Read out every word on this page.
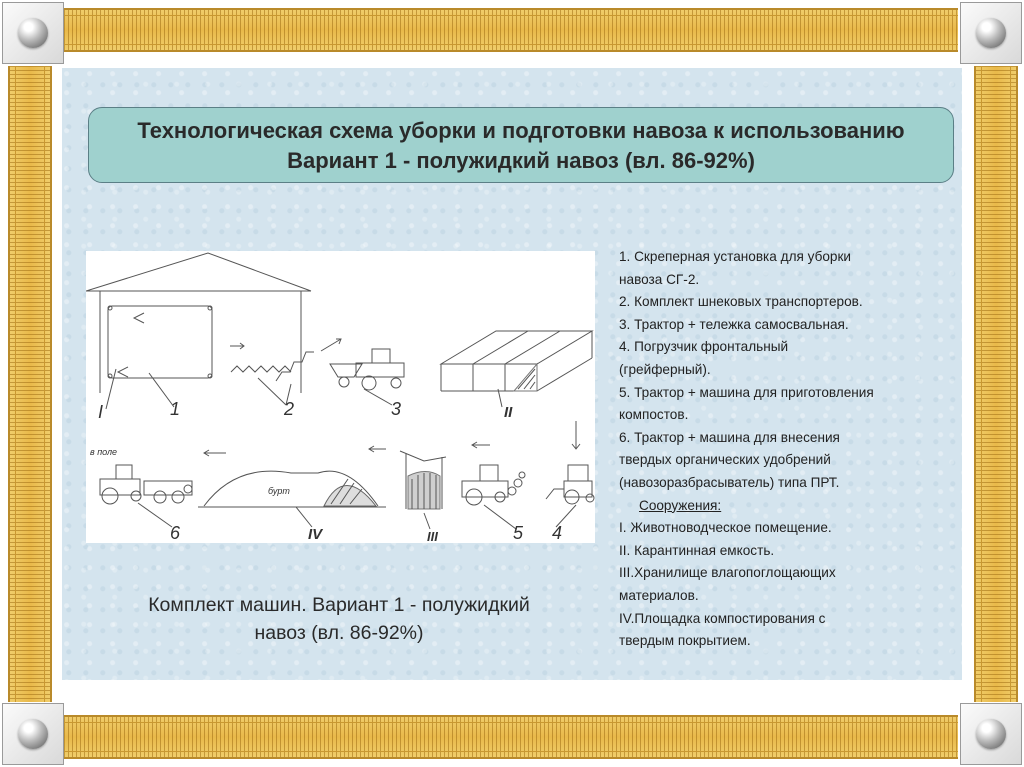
Технологическая схема уборки и подготовки навоза к использованию
Вариант 1 - полужидкий навоз (вл. 86-92%)
I	1	2	3	II
6	IV	III	5 4
в поле
бурт
Комплект машин. Вариант 1 - полужидкий
навоз (вл. 86-92%)
1. Скреперная установка для уборки
навоза СГ-2.
2. Комплект шнековых транспортеров.
3. Трактор + тележка самосвальная.
4. Погрузчик фронтальный
(грейферный).
5. Трактор + машина для приготовления
компостов.
6. Трактор + машина для внесения
твердых органических удобрений
(навозоразбрасыватель) типа ПРТ.
Сооружения:
I. Животноводческое помещение.
II. Карантинная емкость.
III.Хранилище влагопоглощающих
материалов.
IV.Площадка компостирования с
твердым покрытием.
